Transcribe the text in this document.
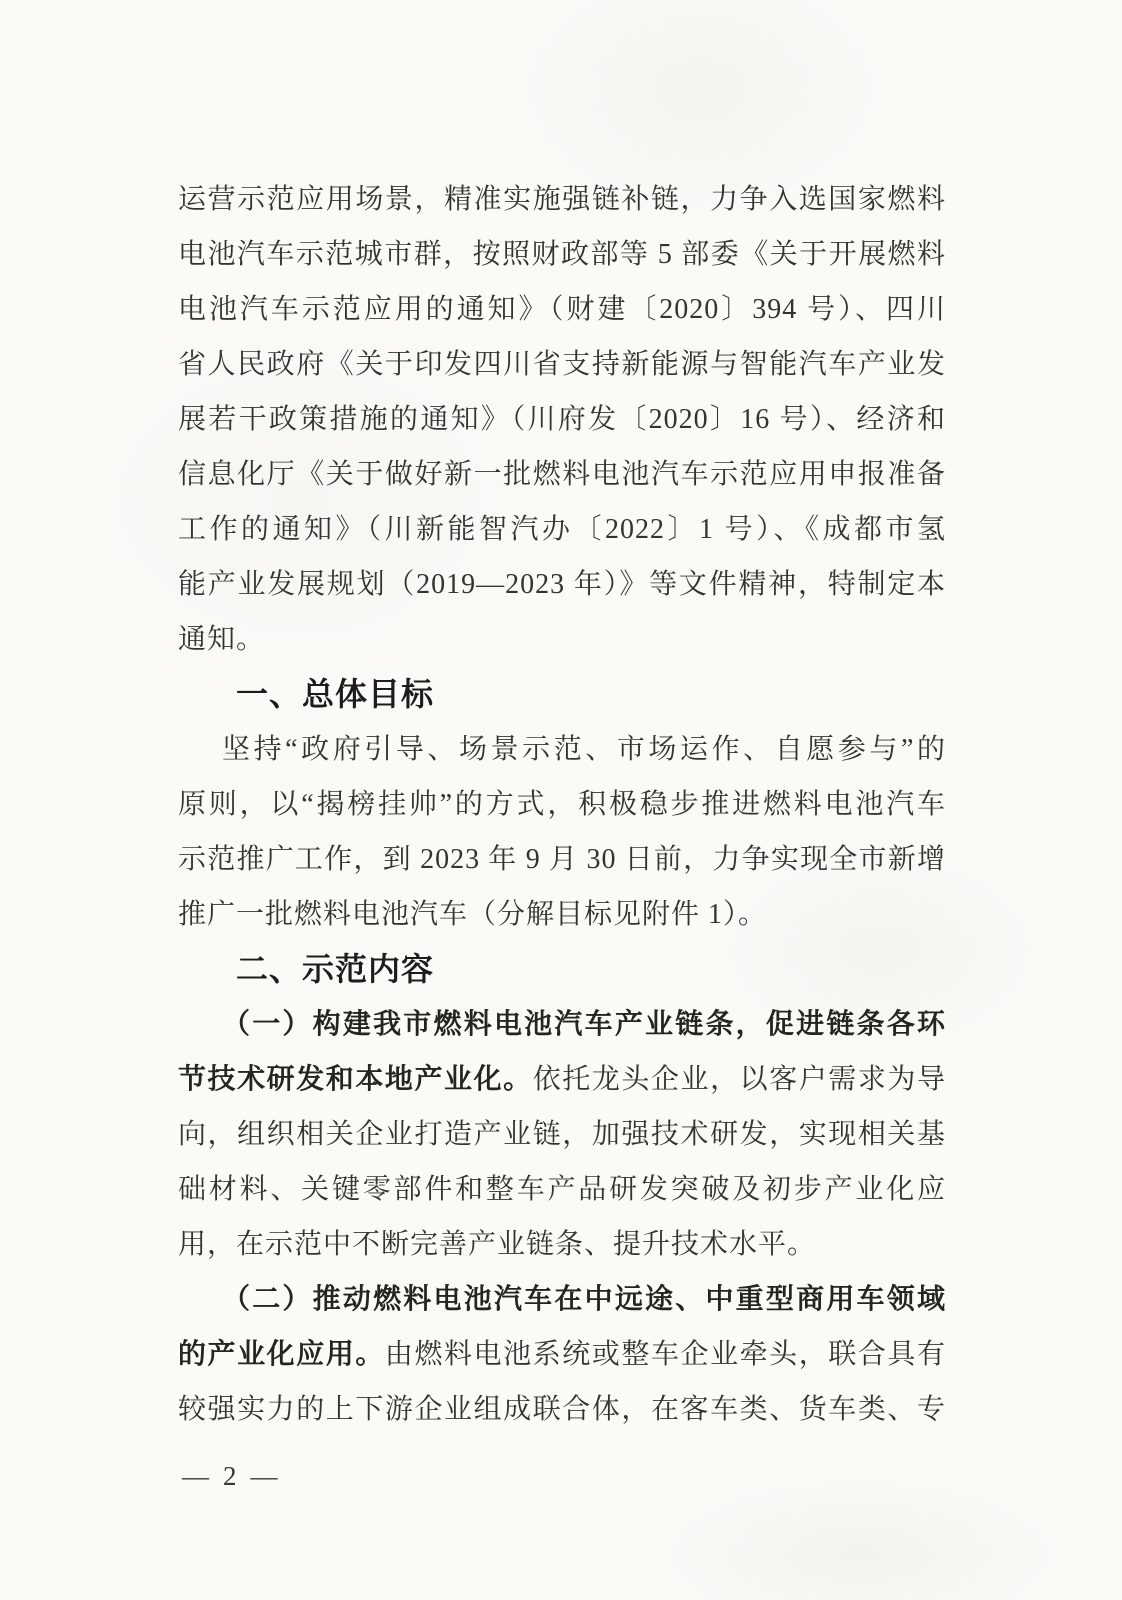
运营示范应用场景，精准实施强链补链，力争入选国家燃料
电池汽车示范城市群，按照财政部等 5 部委《关于开展燃料
电池汽车示范应用的通知》（财建〔2020〕394 号）、四川
省人民政府《关于印发四川省支持新能源与智能汽车产业发
展若干政策措施的通知》（川府发〔2020〕16 号）、经济和
信息化厅《关于做好新一批燃料电池汽车示范应用申报准备
工作的通知》（川新能智汽办〔2022〕1 号）、《成都市氢
能产业发展规划（2019—2023 年）》等文件精神，特制定本
通知。
一、总体目标
坚持“政府引导、场景示范、市场运作、自愿参与”的
原则，以“揭榜挂帅”的方式，积极稳步推进燃料电池汽车
示范推广工作，到 2023 年 9 月 30 日前，力争实现全市新增
推广一批燃料电池汽车（分解目标见附件 1）。
二、示范内容
（一）构建我市燃料电池汽车产业链条，促进链条各环
节技术研发和本地产业化。依托龙头企业，以客户需求为导
向，组织相关企业打造产业链，加强技术研发，实现相关基
础材料、关键零部件和整车产品研发突破及初步产业化应
用，在示范中不断完善产业链条、提升技术水平。
（二）推动燃料电池汽车在中远途、中重型商用车领域
的产业化应用。由燃料电池系统或整车企业牵头，联合具有
较强实力的上下游企业组成联合体，在客车类、货车类、专
— 2 —
